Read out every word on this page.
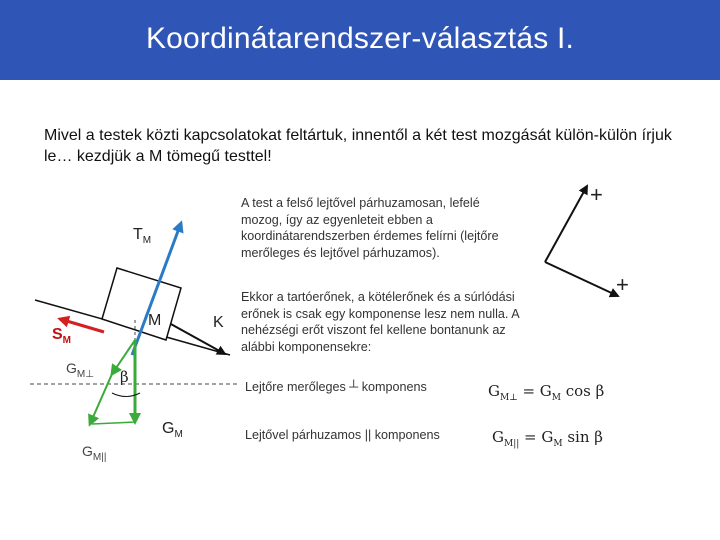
Koordinátarendszer-választás I.
Mivel a testek közti kapcsolatokat feltártuk, innentől a két test mozgását külön-külön írjuk le… kezdjük a M tömegű testtel!
$T_M$
M	K
$S_M$
$G_{M\perp}$ β
$G_M$
$G_{M||}$
A test a felső lejtővel párhuzamosan, lefelé mozog, így az egyenleteit ebben a koordinátarendszerben érdemes felírni (lejtőre merőleges és lejtővel párhuzamos).
Ekkor a tartóerőnek, a kötélerőnek és a súrlódási erőnek is csak egy komponense lesz nem nulla. A nehézségi erőt viszont fel kellene bontanunk az alábbi komponensekre:
+
+
Lejtőre merőleges ┴ komponens
Lejtővel párhuzamos || komponens
$G_{M\perp} = G_M$ cos β
$G_{M||} = G_M$ sin β
